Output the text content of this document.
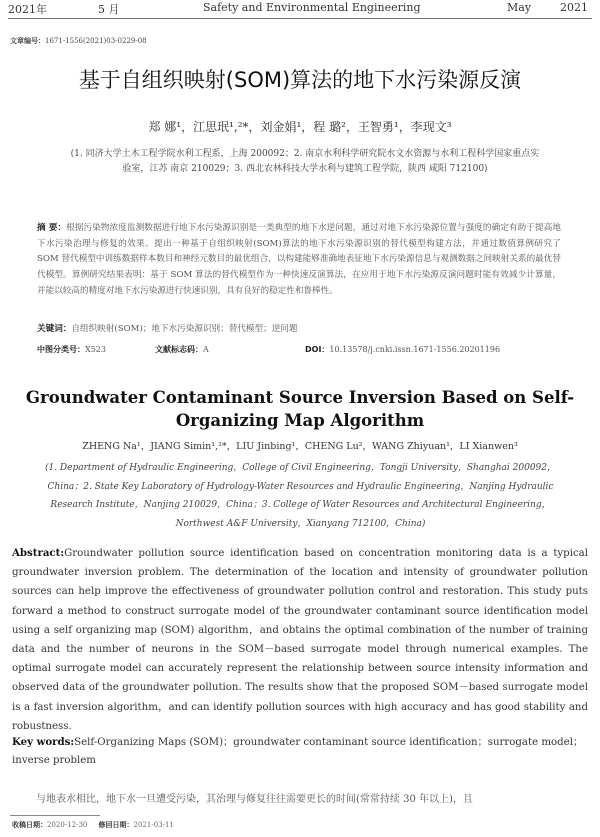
2021年	5 月	Safety and Environmental Engineering	May	2021
文章编号：1671-1556(2021)03-0229-08
基于自组织映射(SOM)算法的地下水污染源反演
郑 娜¹，江思珉¹,²*，刘金娟¹，程 璐²，王智勇¹，李现文³
(1. 同济大学土木工程学院水利工程系，上海 200092；2. 南京水利科学研究院水文水资源与水利工程科学国家重点实验室，江苏 南京 210029；3. 西北农林科技大学水利与建筑工程学院，陕西 咸阳 712100)
摘 要：根据污染物浓度监测数据进行地下水污染源识别是一类典型的地下水逆问题，通过对地下水污染源位置与强度的确定有助于提高地下水污染治理与修复的效果。提出一种基于自组织映射(SOM)算法的地下水污染源识别的替代模型构建方法，并通过数值算例研究了 SOM 替代模型中训练数据样本数目和神经元数目的最优组合，以构建能够准确地表征地下水污染源信息与观测数据之间映射关系的最优替代模型。算例研究结果表明：基于 SOM 算法的替代模型作为一种快速反演算法，在应用于地下水污染源反演问题时能有效减少计算量，并能以较高的精度对地下水污染源进行快速识别，具有良好的稳定性和鲁棒性。
关键词：自组织映射(SOM)；地下水污染源识别；替代模型；逆问题
中图分类号：X523	文献标志码：A	DOI：10.13578/j.cnki.issn.1671-1556.20201196
Groundwater Contaminant Source Inversion Based on Self-Organizing Map Algorithm
ZHENG Na¹，JIANG Simin¹,²*，LIU Jinbing¹，CHENG Lu²，WANG Zhiyuan¹，LI Xianwen³
(1. Department of Hydraulic Engineering，College of Civil Engineering，Tongji University，Shanghai 200092，China；2. State Key Laboratory of Hydrology-Water Resources and Hydraulic Engineering，Nanjing Hydraulic Research Institute，Nanjing 210029，China；3. College of Water Resources and Architectural Engineering，Northwest A&F University，Xianyang 712100，China)
Abstract:Groundwater pollution source identification based on concentration monitoring data is a typical groundwater inversion problem. The determination of the location and intensity of groundwater pollution sources can help improve the effectiveness of groundwater pollution control and restoration. This study puts forward a method to construct surrogate model of the groundwater contaminant source identification model using a self organizing map (SOM) algorithm，and obtains the optimal combination of the number of training data and the number of neurons in the SOM－based surrogate model through numerical examples. The optimal surrogate model can accurately represent the relationship between source intensity information and observed data of the groundwater pollution. The results show that the proposed SOM－based surrogate model is a fast inversion algorithm，and can identify pollution sources with high accuracy and has good stability and robustness.
Key words:Self-Organizing Maps (SOM)；groundwater contaminant source identification；surrogate model；inverse problem
与地表水相比，地下水一旦遭受污染，其治理与修复往往需要更长的时间(常常持续 30 年以上)，且
收稿日期：2020-12-30 修回日期：2021-03-11
